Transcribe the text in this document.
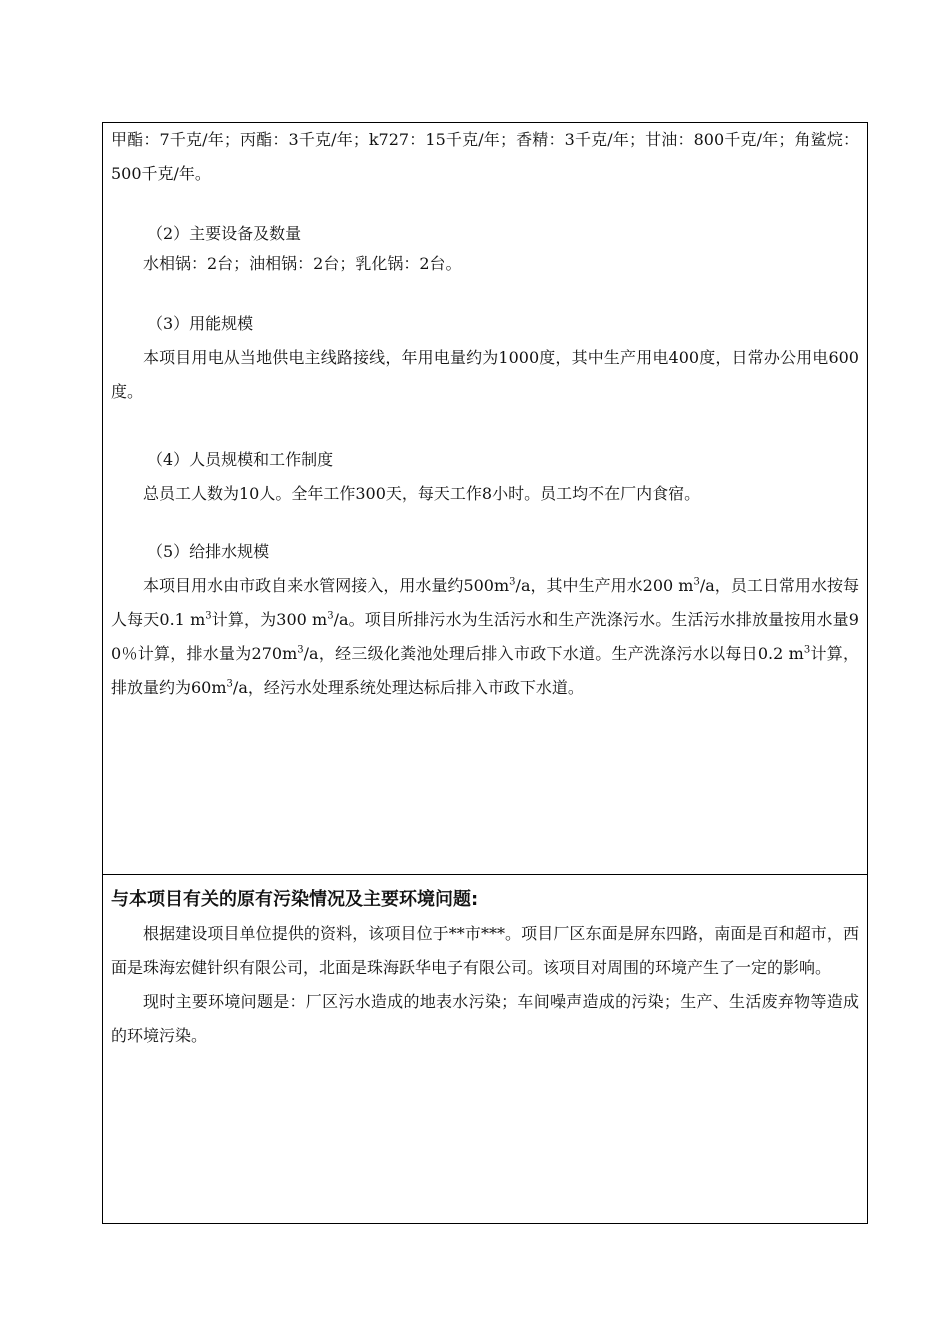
甲酯：7千克/年；丙酯：3千克/年；k727：15千克/年；香精：3千克/年；甘油：800千克/年；角鲨烷：500千克/年。

（2）主要设备及数量

水相锅：2台；油相锅：2台；乳化锅：2台。

（3）用能规模

本项目用电从当地供电主线路接线，年用电量约为1000度，其中生产用电400度，日常办公用电600度。

（4）人员规模和工作制度

总员工人数为10人。全年工作300天，每天工作8小时。员工均不在厂内食宿。

（5）给排水规模

本项目用水由市政自来水管网接入，用水量约$500m^3/a$，其中生产用水200 $m^3/a$，员工日常用水按每人每天0.1 $m^3$计算，为300 $m^3/a$。项目所排污水为生活污水和生产洗涤污水。生活污水排放量按用水量90％计算，排水量为$270m^3/a$，经三级化粪池处理后排入市政下水道。生产洗涤污水以每日0.2 $m^3$计算，排放量约为$60m^3/a$，经污水处理系统处理达标后排入市政下水道。

与本项目有关的原有污染情况及主要环境问题:

根据建设项目单位提供的资料，该项目位于**市***。项目厂区东面是屏东四路，南面是百和超市，西面是珠海宏健针织有限公司，北面是珠海跃华电子有限公司。该项目对周围的环境产生了一定的影响。

现时主要环境问题是：厂区污水造成的地表水污染；车间噪声造成的污染；生产、生活废弃物等造成的环境污染。
